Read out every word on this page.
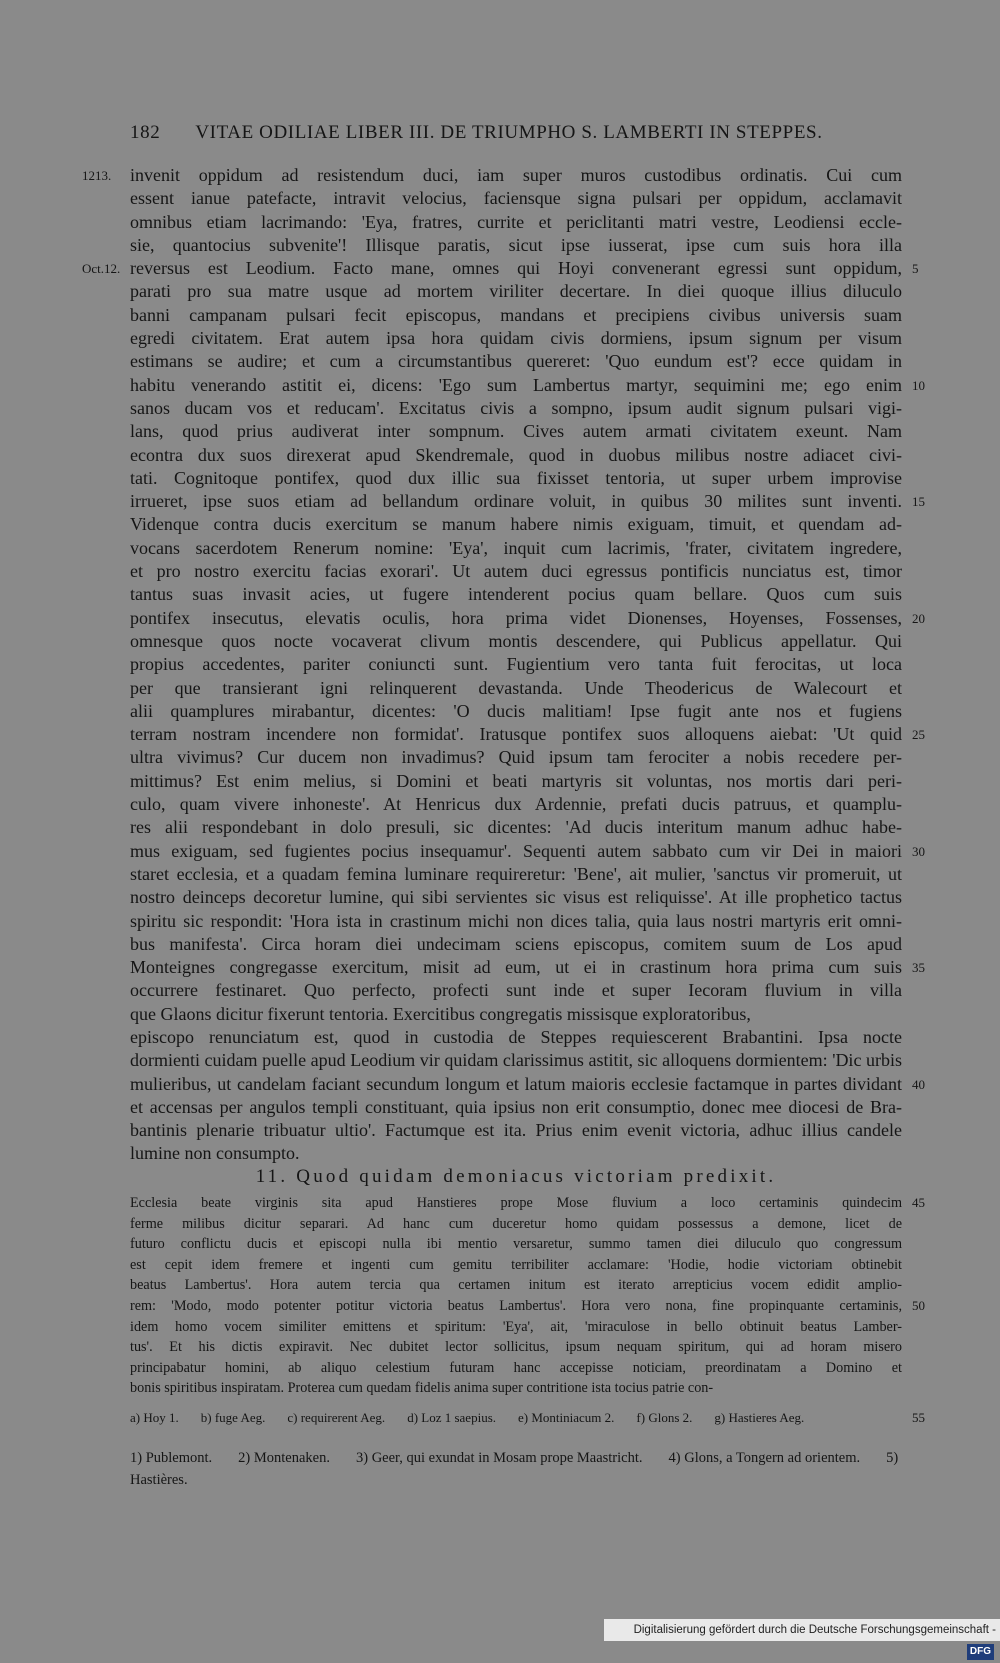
182 VITAE ODILIAE LIBER III. DE TRIUMPHO S. LAMBERTI IN STEPPES.
1213. invenit oppidum ad resistendum duci, iam super muros custodibus ordinatis. Cui cum
essent ianue patefacte, intravit velocius, faciensque signa pulsari per oppidum, acclamavit
omnibus etiam lacrimando: 'Eya, fratres, currite et periclitanti matri vestre, Leodiensi eccle-
sie, quantocius subvenite'! Illisque paratis, sicut ipse iusserat, ipse cum suis hora illa
Oct.12. reversus est Leodium. Facto mane, omnes qui Hoyi convenerant egressi sunt oppidum, 5
parati pro sua matre usque ad mortem viriliter decertare. In diei quoque illius diluculo
banni campanam pulsari fecit episcopus, mandans et precipiens civibus universis suam
egredi civitatem. Erat autem ipsa hora quidam civis dormiens, ipsum signum per visum
estimans se audire; et cum a circumstantibus quereret: 'Quo eundum est'? ecce quidam in
habitu venerando astitit ei, dicens: 'Ego sum Lambertus martyr, sequimini me; ego enim 10
sanos ducam vos et reducam'. Excitatus civis a sompno, ipsum audit signum pulsari vigi-
lans, quod prius audiverat inter sompnum. Cives autem armati civitatem exeunt. Nam
econtra dux suos direxerat apud Skendremale, quod in duobus milibus nostre adiacet civi-
tati. Cognitoque pontifex, quod dux illic sua fixisset tentoria, ut super urbem improvise
irrueret, ipse suos etiam ad bellandum ordinare voluit, in quibus 30 milites sunt inventi. 15
Videnque contra ducis exercitum se manum habere nimis exiguam, timuit, et quendam ad-
vocans sacerdotem Renerum nomine: 'Eya', inquit cum lacrimis, 'frater, civitatem ingredere,
et pro nostro exercitu facias exorari'. Ut autem duci egressus pontificis nunciatus est, timor
tantus suas invasit acies, ut fugere intenderent pocius quam bellare. Quos cum suis
pontifex insecutus, elevatis oculis, hora prima videt Dionenses, Hoyenses, Fossenses, 20
omnesque quos nocte vocaverat clivum montis descendere, qui Publicus appellatur. Qui
propius accedentes, pariter coniuncti sunt. Fugientium vero tanta fuit ferocitas, ut loca
per que transierant igni relinquerent devastanda. Unde Theodericus de Walecourt et
alii quamplures mirabantur, dicentes: 'O ducis malitiam! Ipse fugit ante nos et fugiens
terram nostram incendere non formidat'. Iratusque pontifex suos alloquens aiebat: 'Ut quid 25
ultra vivimus? Cur ducem non invadimus? Quid ipsum tam ferociter a nobis recedere per-
mittimus? Est enim melius, si Domini et beati martyris sit voluntas, nos mortis dari peri-
culo, quam vivere inhoneste'. At Henricus dux Ardennie, prefati ducis patruus, et quamplu-
res alii respondebant in dolo presuli, sic dicentes: 'Ad ducis interitum manum adhuc habe-
mus exiguam, sed fugientes pocius insequamur'. Sequenti autem sabbato cum vir Dei in maiori 30
staret ecclesia, et a quadam femina luminare requireretur: 'Bene', ait mulier, 'sanctus vir promeruit, ut
nostro deinceps decoretur lumine, qui sibi servientes sic visus est reliquisse'. At ille prophetico tactus
spiritu sic respondit: 'Hora ista in crastinum michi non dices talia, quia laus nostri martyris erit omni-
bus manifesta'. Circa horam diei undecimam sciens episcopus, comitem suum de Los apud
Monteignes congregasse exercitum, misit ad eum, ut ei in crastinum hora prima cum suis 35
occurrere festinaret. Quo perfecto, profecti sunt inde et super Iecoram fluvium in villa
que Glaons dicitur fixerunt tentoria. Exercitibus congregatis missisque exploratoribus,
episcopo renunciatum est, quod in custodia de Steppes requiescerent Brabantini. Ipsa nocte
dormienti cuidam puelle apud Leodium vir quidam clarissimus astitit, sic alloquens dormientem: 'Dic urbis
mulieribus, ut candelam faciant secundum longum et latum maioris ecclesie factamque in partes dividant 40
et accensas per angulos templi constituant, quia ipsius non erit consumptio, donec mee diocesi de Bra-
bantinis plenarie tribuatur ultio'. Factumque est ita. Prius enim evenit victoria, adhuc illius candele
lumine non consumpto.
11. Quod quidam demoniacus victoriam predixit.
Ecclesia beate virginis sita apud Hanstieres prope Mose fluvium a loco certaminis quindecim 45
ferme milibus dicitur separari. Ad hanc cum duceretur homo quidam possessus a demone, licet de
futuro conflictu ducis et episcopi nulla ibi mentio versaretur, summo tamen diei diluculo quo congressum
est cepit idem fremere et ingenti cum gemitu terribiliter acclamare: 'Hodie, hodie victoriam obtinebit
beatus Lambertus'. Hora autem tercia qua certamen initum est iterato arrepticius vocem edidit amplio-
rem: 'Modo, modo potenter potitur victoria beatus Lambertus'. Hora vero nona, fine propinquante certaminis, 50
idem homo vocem similiter emittens et spiritum: 'Eya', ait, 'miraculose in bello obtinuit beatus Lamber-
tus'. Et his dictis expiravit. Nec dubitet lector sollicitus, ipsum nequam spiritum, qui ad horam misero
principabatur homini, ab aliquo celestium futuram hanc accepisse noticiam, preordinatam a Domino et
bonis spiritibus inspiratam. Proterea cum quedam fidelis anima super contritione ista tocius patrie con-
a) Hoy 1. b) fuge Aeg. c) requirerent Aeg. d) Loz 1 saepius. e) Montiniacum 2. f) Glons 2. g) Hastieres Aeg.	55
1) Publemont. 2) Montenaken. 3) Geer, qui exundat in Mosam prope Maastricht. 4) Glons, a Tongern ad orientem. 5) Hastières.
Digitalisierung gefördert durch die Deutsche Forschungsgemeinschaft - DFG
